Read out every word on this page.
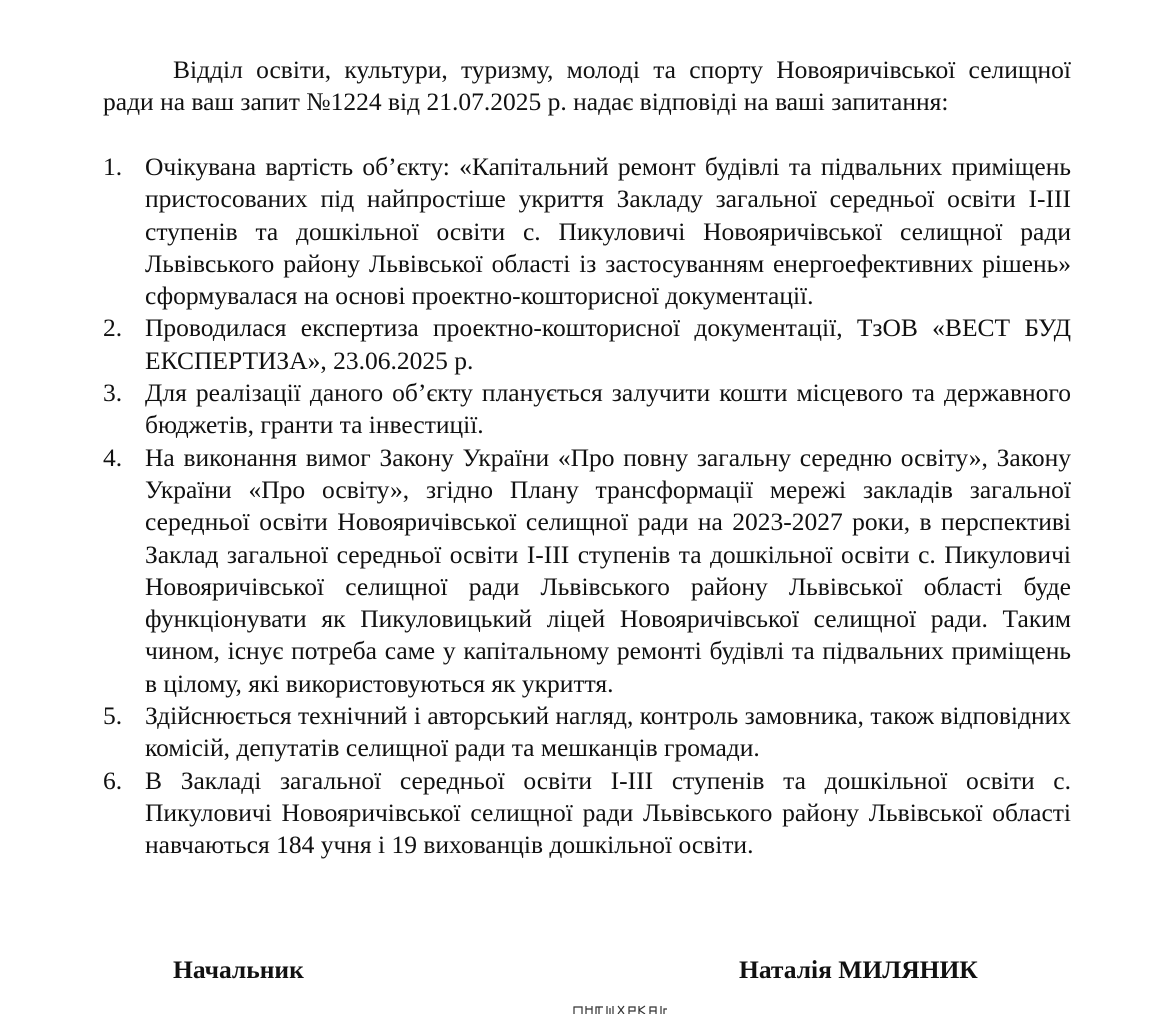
Відділ освіти, культури, туризму, молоді та спорту Новояричівської селищної ради на ваш запит №1224 від 21.07.2025 р. надає відповіді на ваші запитання:

1. Очікувана вартість об’єкту: «Капітальний ремонт будівлі та підвальних приміщень пристосованих під найпростіше укриття Закладу загальної середньої освіти І-ІІІ ступенів та дошкільної освіти с. Пикуловичі Новояричівської селищної ради Львівського району Львівської області із застосуванням енергоефективних рішень» сформувалася на основі проектно-кошторисної документації.
2. Проводилася експертиза проектно-кошторисної документації, ТзОВ «ВЕСТ БУД ЕКСПЕРТИЗА», 23.06.2025 р.
3. Для реалізації даного об’єкту планується залучити кошти місцевого та державного бюджетів, гранти та інвестиції.
4. На виконання вимог Закону України «Про повну загальну середню освіту», Закону України «Про освіту», згідно Плану трансформації мережі закладів загальної середньої освіти Новояричівської селищної ради на 2023-2027 роки, в перспективі Заклад загальної середньої освіти І-ІІІ ступенів та дошкільної освіти с. Пикуловичі Новояричівської селищної ради Львівського району Львівської області буде функціонувати як Пикуловицький ліцей Новояричівської селищної ради. Таким чином, існує потреба саме у капітальному ремонті будівлі та підвальних приміщень в цілому, які використовуються як укриття.
5. Здійснюється технічний і авторський нагляд, контроль замовника, також відповідних комісій, депутатів селищної ради та мешканців громади.
6. В Закладі загальної середньої освіти І-ІІІ ступенів та дошкільної освіти с. Пикуловичі Новояричівської селищної ради Львівського району Львівської області навчаються 184 учня і 19 вихованців дошкільної освіти.
Начальник	Наталія МИЛЯНИК
